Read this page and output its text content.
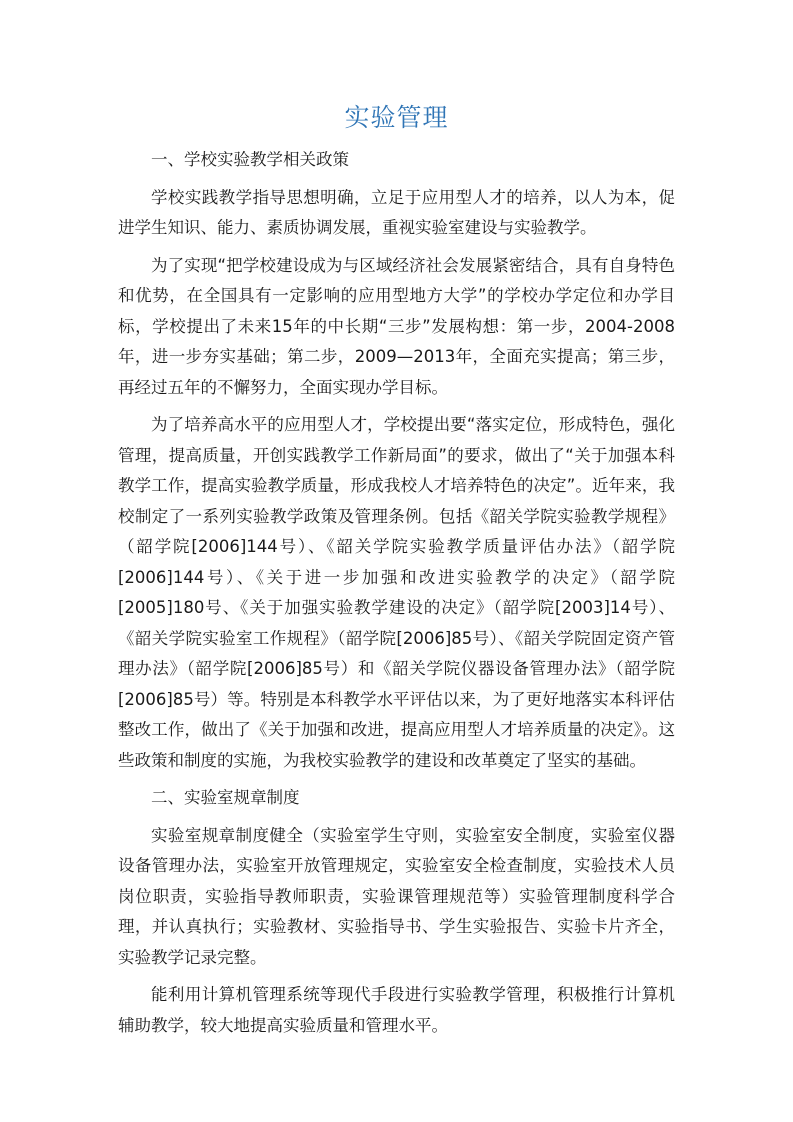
实验管理

一、学校实验教学相关政策

学校实践教学指导思想明确，立足于应用型人才的培养，以人为本，促进学生知识、能力、素质协调发展，重视实验室建设与实验教学。

为了实现“把学校建设成为与区域经济社会发展紧密结合，具有自身特色和优势，在全国具有一定影响的应用型地方大学”的学校办学定位和办学目标，学校提出了未来15年的中长期“三步”发展构想：第一步，2004-2008年，进一步夯实基础；第二步，2009—2013年，全面充实提高；第三步，再经过五年的不懈努力，全面实现办学目标。

为了培养高水平的应用型人才，学校提出要“落实定位，形成特色，强化管理，提高质量，开创实践教学工作新局面”的要求，做出了“关于加强本科教学工作，提高实验教学质量，形成我校人才培养特色的决定”。近年来，我校制定了一系列实验教学政策及管理条例。包括《韶关学院实验教学规程》（韶学院[2006]144号）、《韶关学院实验教学质量评估办法》（韶学院[2006]144号）、《关于进一步加强和改进实验教学的决定》（韶学院[2005]180号、《关于加强实验教学建设的决定》（韶学院[2003]14号）、《韶关学院实验室工作规程》（韶学院[2006]85号）、《韶关学院固定资产管理办法》（韶学院[2006]85号）和《韶关学院仪器设备管理办法》（韶学院[2006]85号）等。特别是本科教学水平评估以来，为了更好地落实本科评估整改工作，做出了《关于加强和改进，提高应用型人才培养质量的决定》。这些政策和制度的实施，为我校实验教学的建设和改革奠定了坚实的基础。

二、实验室规章制度

实验室规章制度健全（实验室学生守则，实验室安全制度，实验室仪器设备管理办法，实验室开放管理规定，实验室安全检查制度，实验技术人员岗位职责，实验指导教师职责，实验课管理规范等）实验管理制度科学合理，并认真执行；实验教材、实验指导书、学生实验报告、实验卡片齐全，实验教学记录完整。

能利用计算机管理系统等现代手段进行实验教学管理，积极推行计算机辅助教学，较大地提高实验质量和管理水平。
